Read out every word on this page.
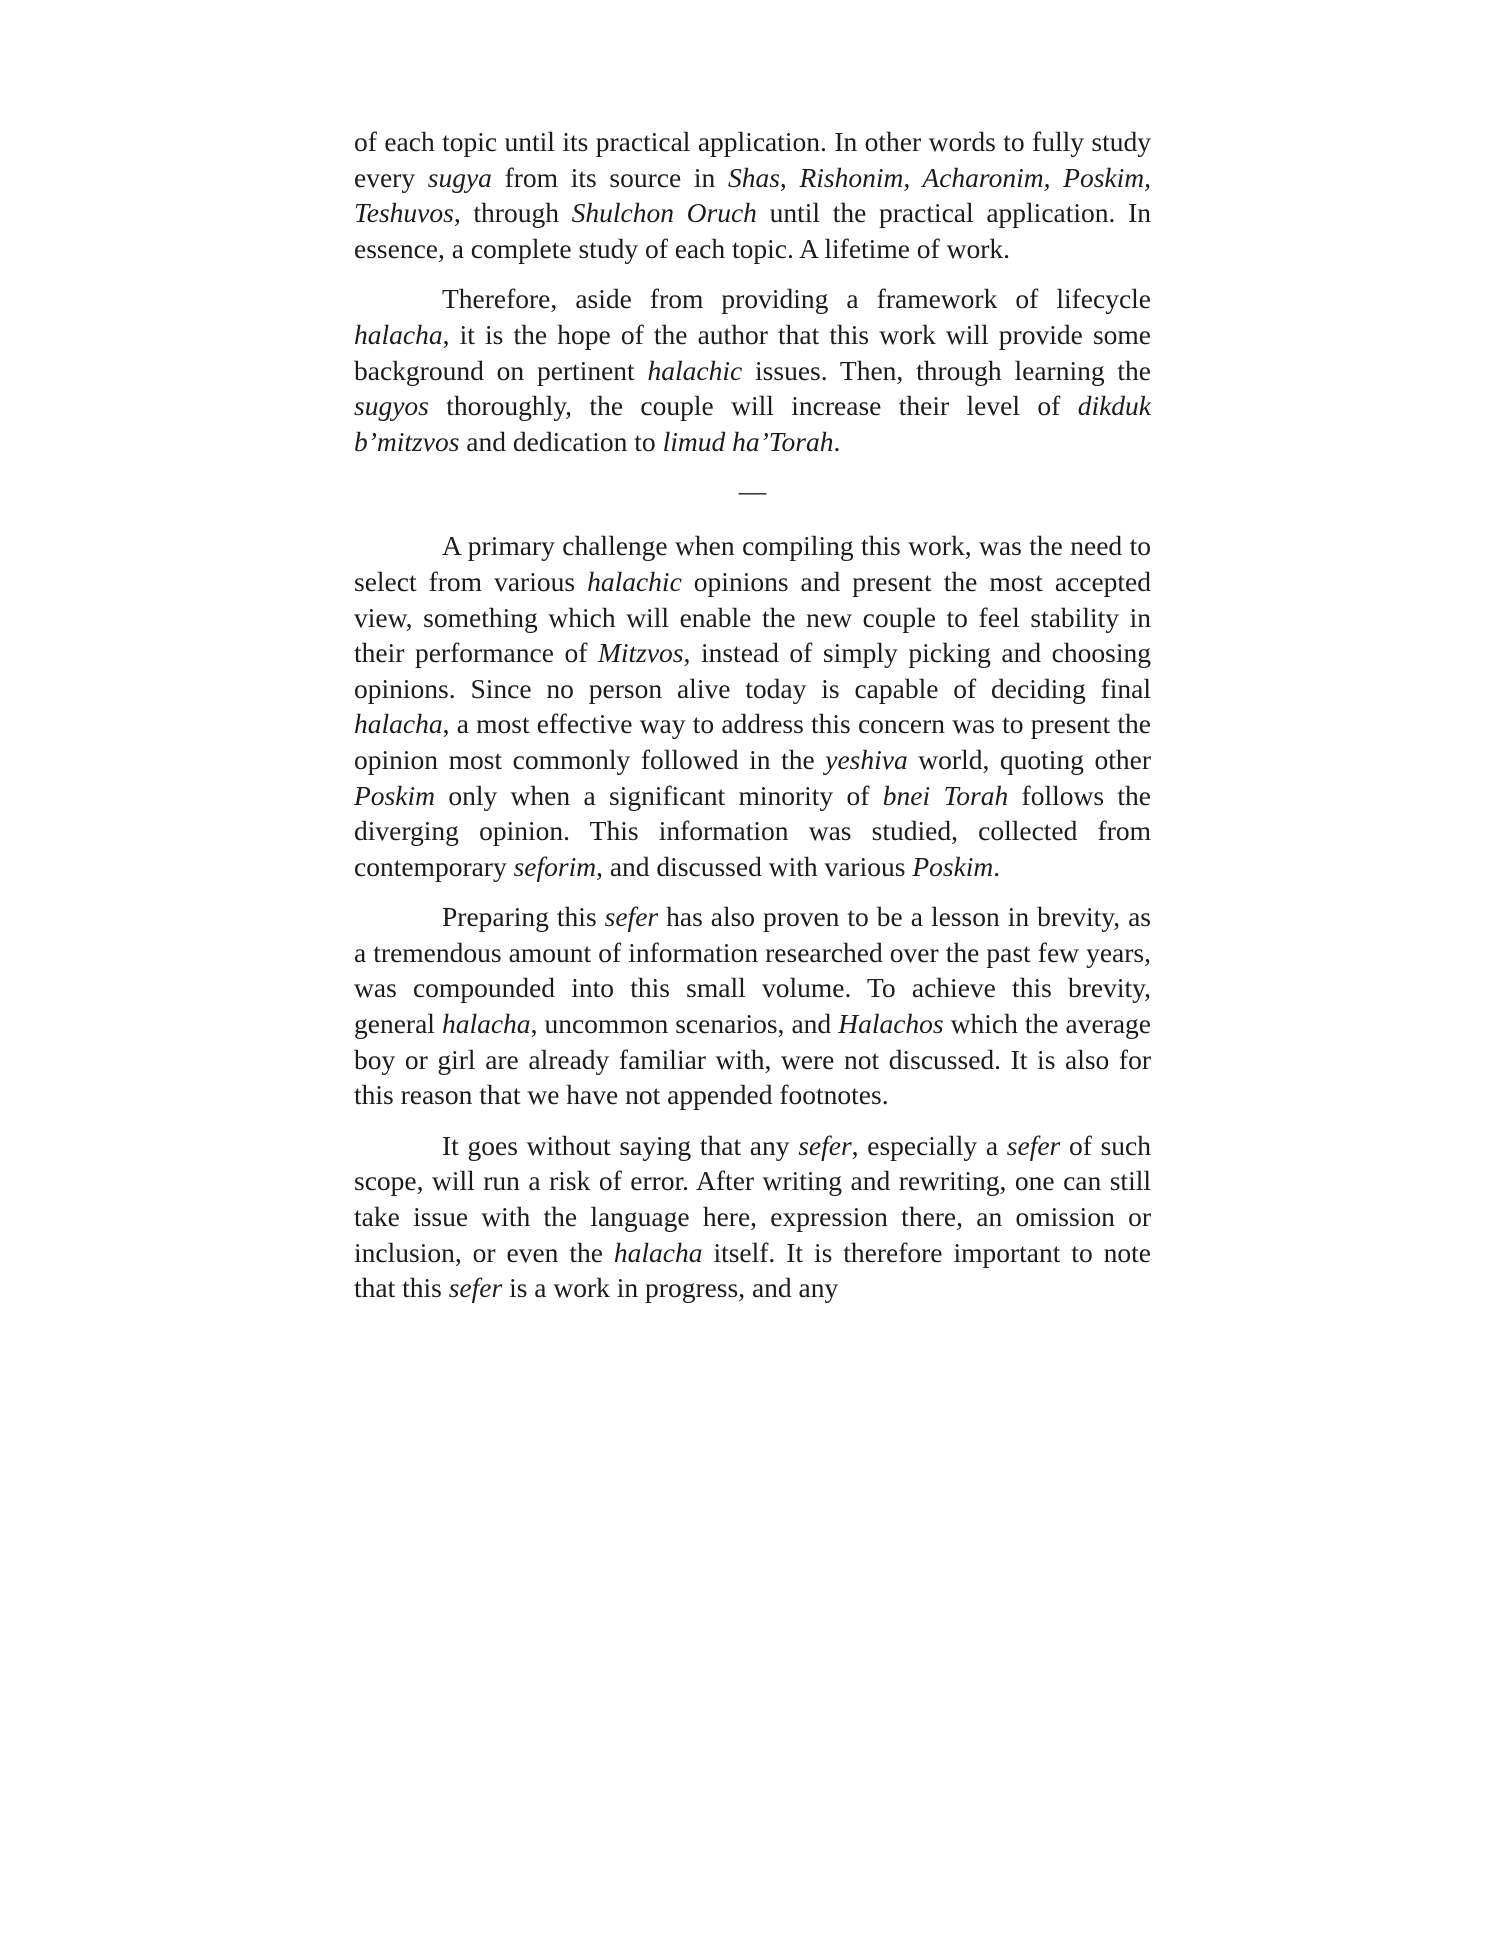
of each topic until its practical application. In other words to fully study every sugya from its source in Shas, Rishonim, Acharonim, Poskim, Teshuvos, through Shulchon Oruch until the practical application. In essence, a complete study of each topic. A lifetime of work.

Therefore, aside from providing a framework of lifecycle halacha, it is the hope of the author that this work will provide some background on pertinent halachic issues. Then, through learning the sugyos thoroughly, the couple will increase their level of dikduk b’mitzvos and dedication to limud ha’Torah.

—

A primary challenge when compiling this work, was the need to select from various halachic opinions and present the most accepted view, something which will enable the new couple to feel stability in their performance of Mitzvos, instead of simply picking and choosing opinions. Since no person alive today is capable of deciding final halacha, a most effective way to address this concern was to present the opinion most commonly followed in the yeshiva world, quoting other Poskim only when a significant minority of bnei Torah follows the diverging opinion. This information was studied, collected from contemporary seforim, and discussed with various Poskim.

Preparing this sefer has also proven to be a lesson in brevity, as a tremendous amount of information researched over the past few years, was compounded into this small volume. To achieve this brevity, general halacha, uncommon scenarios, and Halachos which the average boy or girl are already familiar with, were not discussed. It is also for this reason that we have not appended footnotes.

It goes without saying that any sefer, especially a sefer of such scope, will run a risk of error. After writing and rewriting, one can still take issue with the language here, expression there, an omission or inclusion, or even the halacha itself. It is therefore important to note that this sefer is a work in progress, and any
